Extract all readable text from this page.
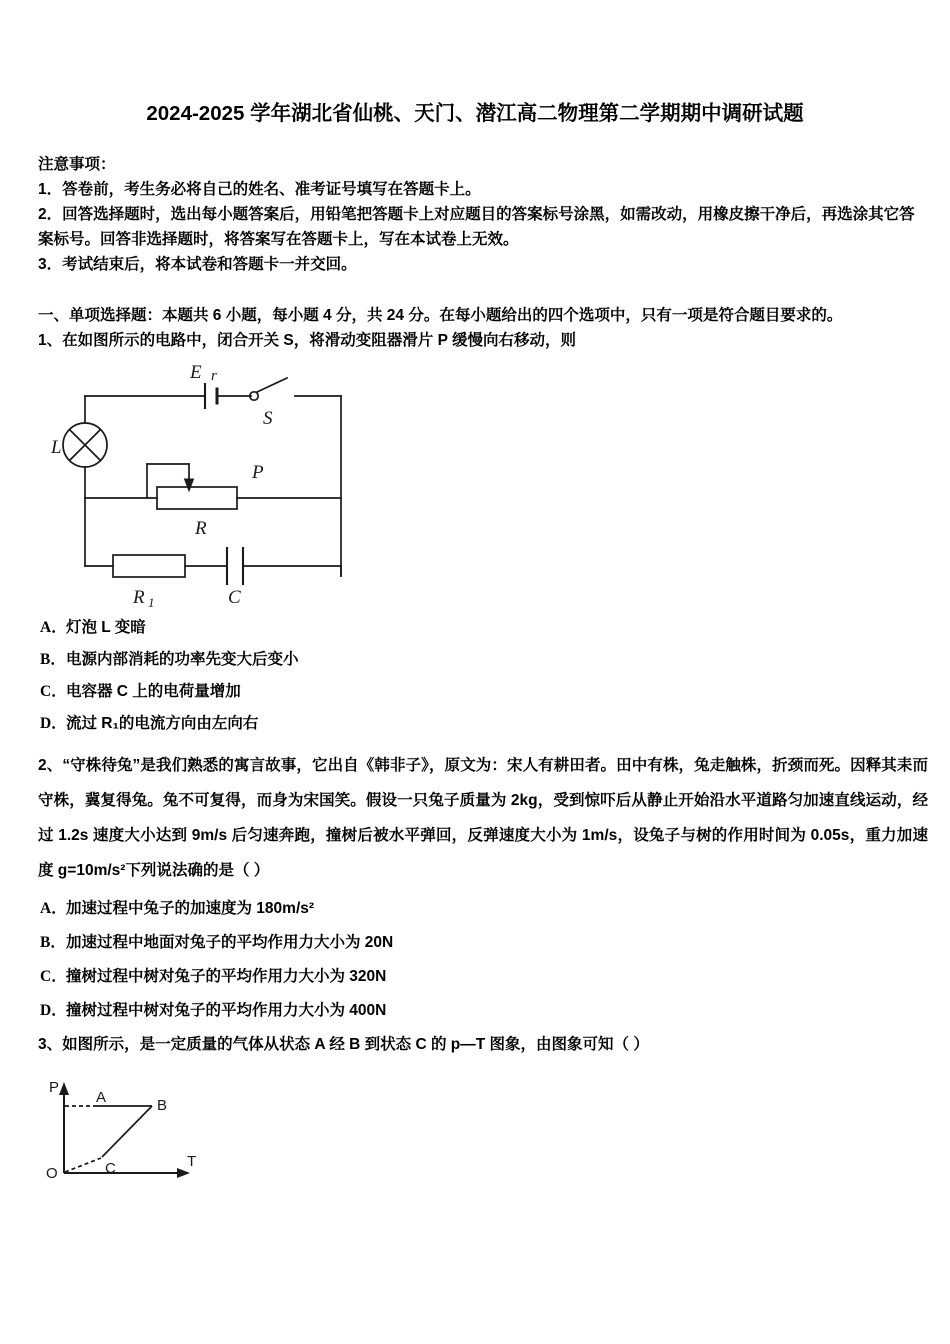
2024-2025 学年湖北省仙桃、天门、潜江高二物理第二学期期中调研试题
注意事项：
1．答卷前，考生务必将自己的姓名、准考证号填写在答题卡上。
2．回答选择题时，选出每小题答案后，用铅笔把答题卡上对应题目的答案标号涂黑，如需改动，用橡皮擦干净后，再选涂其它答案标号。回答非选择题时，将答案写在答题卡上，写在本试卷上无效。
3．考试结束后，将本试卷和答题卡一并交回。
一、单项选择题：本题共 6 小题，每小题 4 分，共 24 分。在每小题给出的四个选项中，只有一项是符合题目要求的。
1、在如图所示的电路中，闭合开关 S，将滑动变阻器滑片 P 缓慢向右移动，则
E r
S
L
P
R
R 1	C
A．灯泡 L 变暗
B．电源内部消耗的功率先变大后变小
C．电容器 C 上的电荷量增加
D．流过 R₁的电流方向由左向右
2、“守株待兔”是我们熟悉的寓言故事，它出自《韩非子》，原文为：宋人有耕田者。田中有株，兔走触株，折颈而死。因释其耒而守株，冀复得兔。兔不可复得，而身为宋国笑。假设一只兔子质量为 2kg，受到惊吓后从静止开始沿水平道路匀加速直线运动，经过 1.2s 速度大小达到 9m/s 后匀速奔跑，撞树后被水平弹回，反弹速度大小为 1m/s，设兔子与树的作用时间为 0.05s，重力加速度 g=10m/s²下列说法确的是（ ）
A．加速过程中兔子的加速度为 180m/s²
B．加速过程中地面对兔子的平均作用力大小为 20N
C．撞树过程中树对兔子的平均作用力大小为 320N
D．撞树过程中树对兔子的平均作用力大小为 400N
3、如图所示，是一定质量的气体从状态 A 经 B 到状态 C 的 p—T 图象，由图象可知（ ）
P
T
O
A	B
C
